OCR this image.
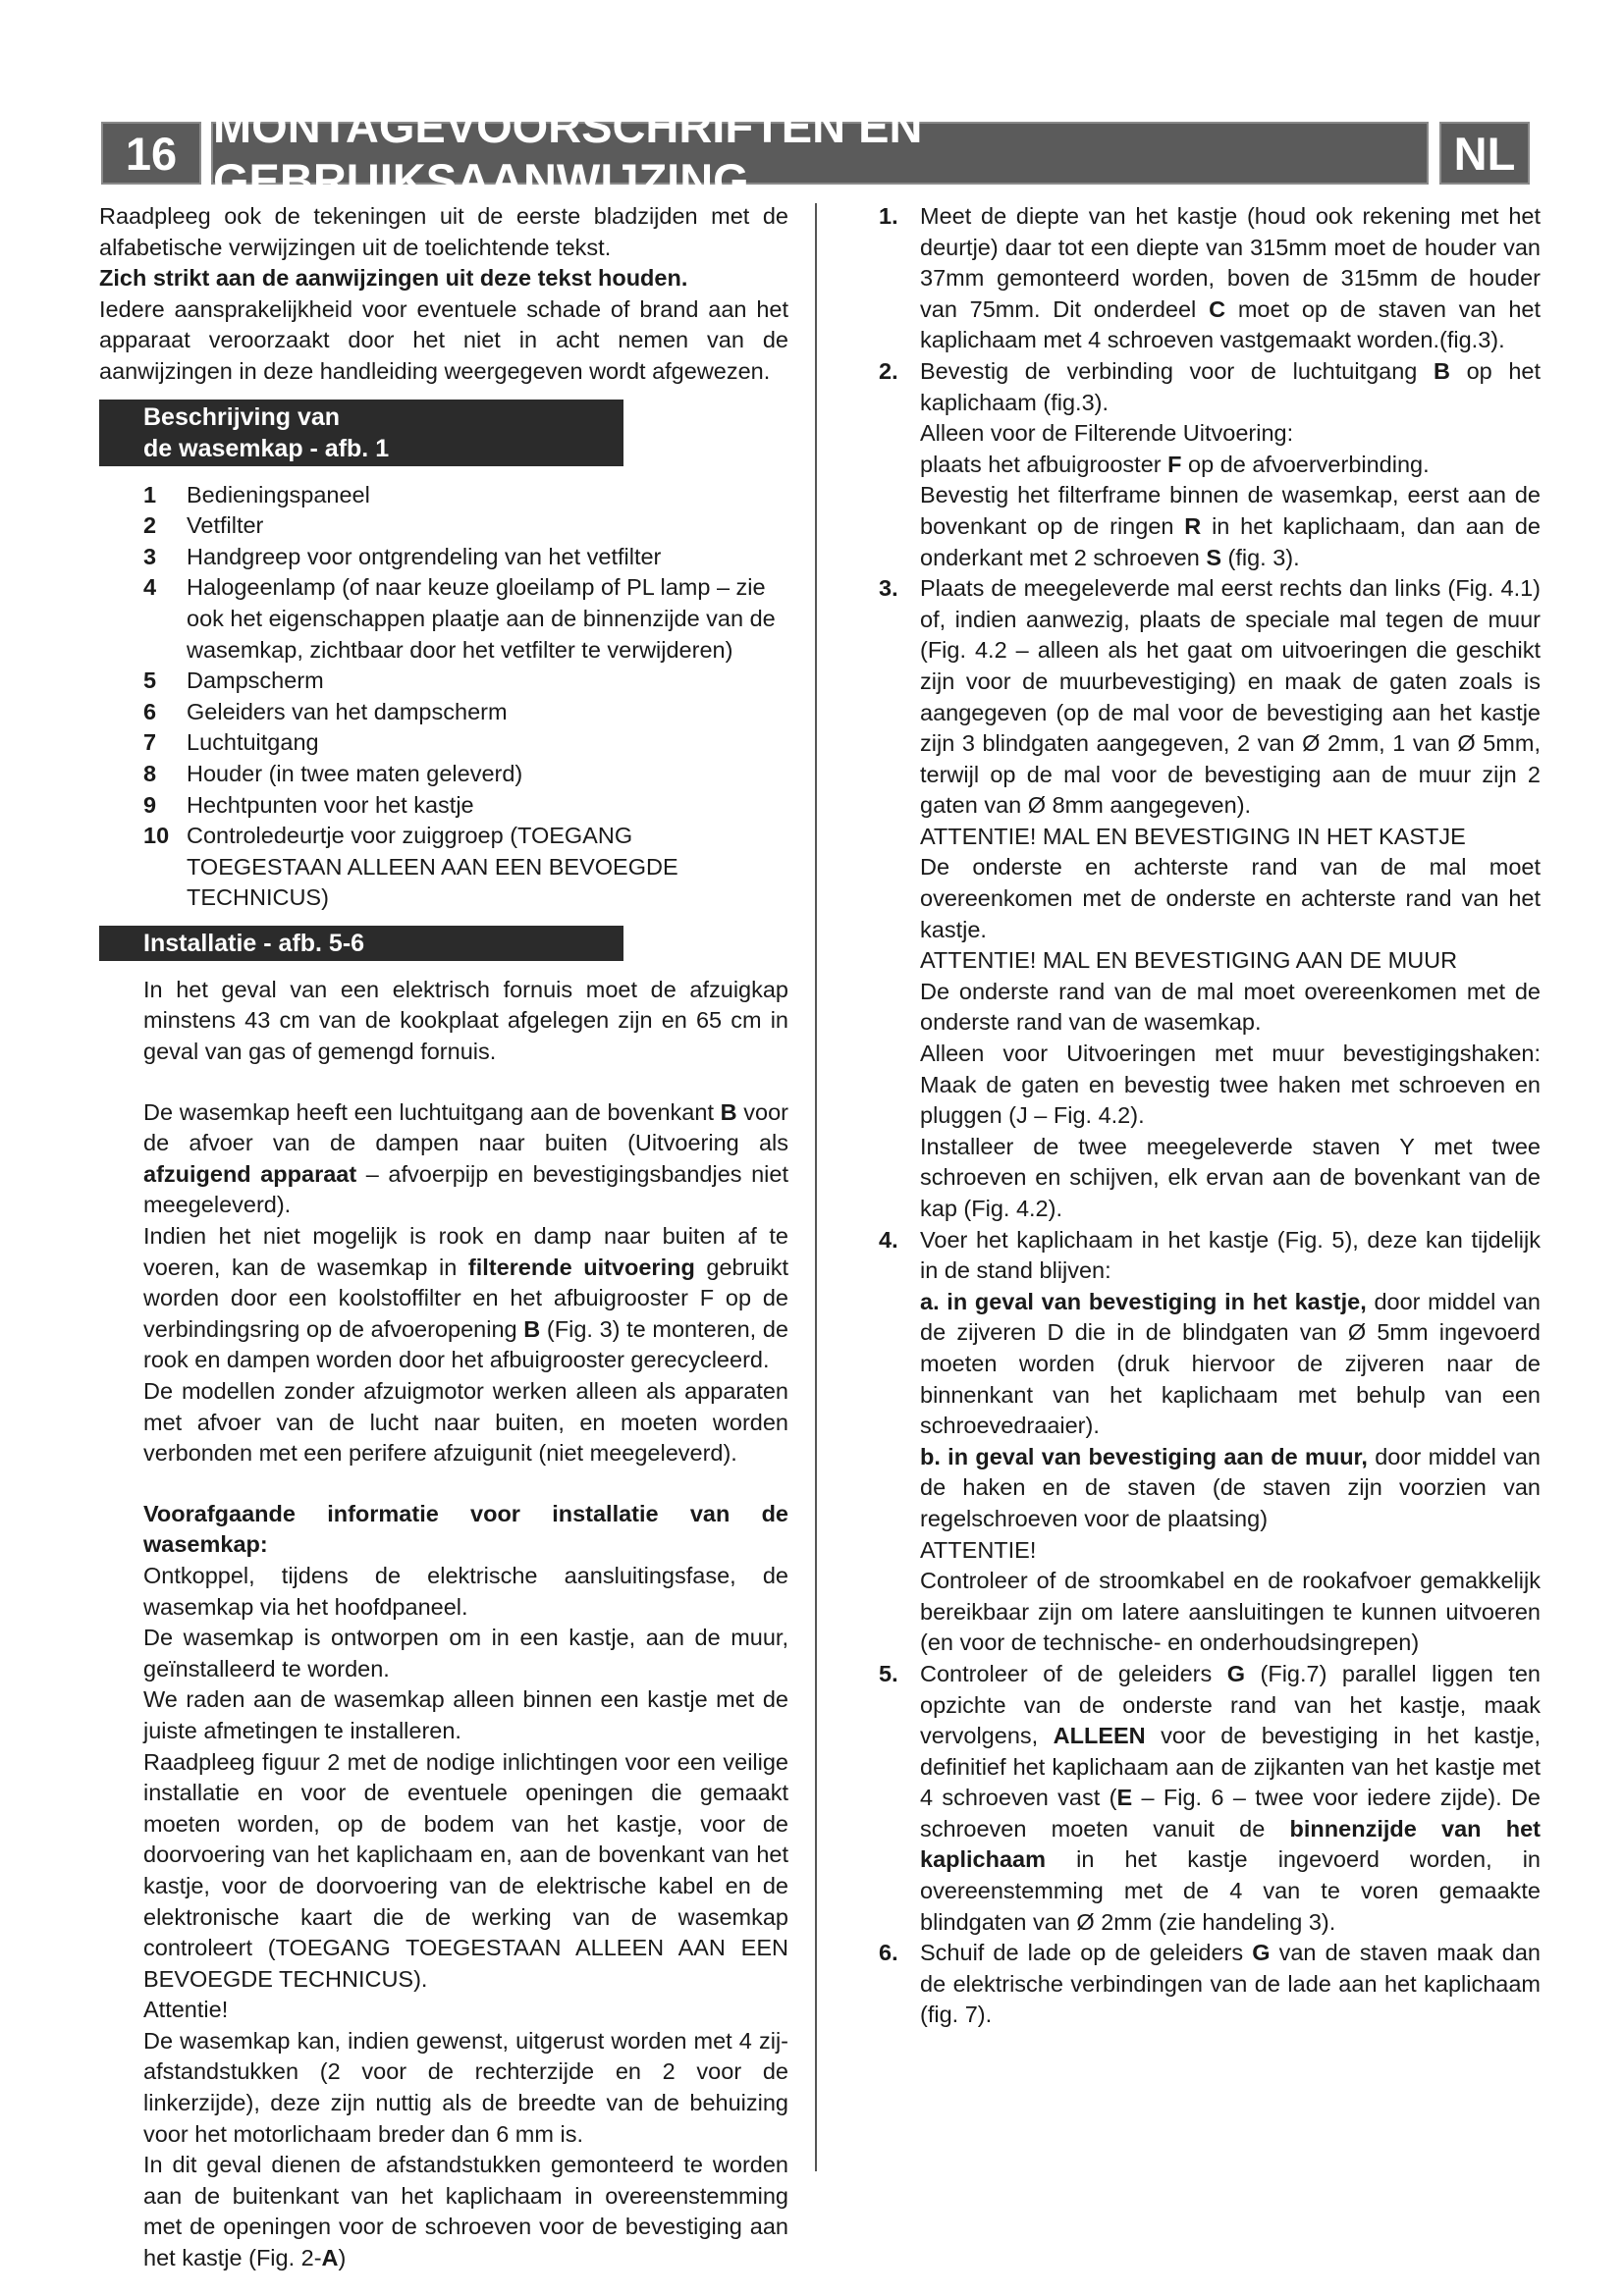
16
MONTAGEVOORSCHRIFTEN EN GEBRUIKSAANWIJZING
NL

Raadpleeg ook de tekeningen uit de eerste bladzijden met de alfabetische verwijzingen uit de toelichtende tekst.

Zich strikt aan de aanwijzingen uit deze tekst houden.

Iedere aansprakelijkheid voor eventuele schade of brand aan het apparaat veroorzaakt door het niet in acht nemen van de aanwijzingen in deze handleiding weergegeven wordt afgewezen.

Beschrijving van
de wasemkap - afb. 1
1	Bedieningspaneel
2	Vetfilter
3	Handgreep voor ontgrendeling van het vetfilter
4	Halogeenlamp (of naar keuze gloeilamp of PL lamp – zie ook het eigenschappen plaatje aan de binnenzijde van de wasemkap, zichtbaar door het vetfilter te verwijderen)
5	Dampscherm
6	Geleiders van het dampscherm
7	Luchtuitgang
8	Houder (in twee maten geleverd)
9	Hechtpunten voor het kastje
10 Controledeurtje voor zuiggroep (TOEGANG TOEGESTAAN ALLEEN AAN EEN BEVOEGDE TECHNICUS)
Installatie - afb. 5-6

In het geval van een elektrisch fornuis moet de afzuigkap minstens 43 cm van de kookplaat afgelegen zijn en 65 cm in geval van gas of gemengd fornuis.

De wasemkap heeft een luchtuitgang aan de bovenkant B voor de afvoer van de dampen naar buiten (Uitvoering als afzuigend apparaat – afvoerpijp en bevestigingsbandjes niet meegeleverd).

Indien het niet mogelijk is rook en damp naar buiten af te voeren, kan de wasemkap in filterende uitvoering gebruikt worden door een koolstoffilter en het afbuigrooster F op de verbindingsring op de afvoeropening B (Fig. 3) te monteren, de rook en dampen worden door het afbuigrooster gerecycleerd.

De modellen zonder afzuigmotor werken alleen als apparaten met afvoer van de lucht naar buiten, en moeten worden verbonden met een perifere afzuigunit (niet meegeleverd).

Voorafgaande informatie voor installatie van de wasemkap:

Ontkoppel, tijdens de elektrische aansluitingsfase, de wasemkap via het hoofdpaneel.

De wasemkap is ontworpen om in een kastje, aan de muur, geïnstalleerd te worden.

We raden aan de wasemkap alleen binnen een kastje met de juiste afmetingen te installeren.

Raadpleeg figuur 2 met de nodige inlichtingen voor een veilige installatie en voor de eventuele openingen die gemaakt moeten worden, op de bodem van het kastje, voor de doorvoering van het kaplichaam en, aan de bovenkant van het kastje, voor de doorvoering van de elektrische kabel en de elektronische kaart die de werking van de wasemkap controleert (TOEGANG TOEGESTAAN ALLEEN AAN EEN BEVOEGDE TECHNICUS).

Attentie!

De wasemkap kan, indien gewenst, uitgerust worden met 4 zij- afstandstukken (2 voor de rechterzijde en 2 voor de linkerzijde), deze zijn nuttig als de breedte van de behuizing voor het motorlichaam breder dan 6 mm is.

In dit geval dienen de afstandstukken gemonteerd te worden aan de buitenkant van het kaplichaam in overeenstemming met de openingen voor de schroeven voor de bevestiging aan het kastje (Fig. 2-A)

1. Meet de diepte van het kastje (houd ook rekening met het deurtje) daar tot een diepte van 315mm moet de houder van 37mm gemonteerd worden, boven de 315mm de houder van 75mm. Dit onderdeel C moet op de staven van het kaplichaam met 4 schroeven vastgemaakt worden.(fig.3).

2. Bevestig de verbinding voor de luchtuitgang B op het kaplichaam (fig.3).

Alleen voor de Filterende Uitvoering:

plaats het afbuigrooster F op de afvoerverbinding.

Bevestig het filterframe binnen de wasemkap, eerst aan de bovenkant op de ringen R in het kaplichaam, dan aan de onderkant met 2 schroeven S (fig. 3).

3. Plaats de meegeleverde mal eerst rechts dan links (Fig. 4.1) of, indien aanwezig, plaats de speciale mal tegen de muur (Fig. 4.2 – alleen als het gaat om uitvoeringen die geschikt zijn voor de muurbevestiging) en maak de gaten zoals is aangegeven (op de mal voor de bevestiging aan het kastje zijn 3 blindgaten aangegeven, 2 van Ø 2mm, 1 van Ø 5mm, terwijl op de mal voor de bevestiging aan de muur zijn 2 gaten van Ø 8mm aangegeven).

ATTENTIE! MAL EN BEVESTIGING IN HET KASTJE

De onderste en achterste rand van de mal moet overeenkomen met de onderste en achterste rand van het kastje.

ATTENTIE! MAL EN BEVESTIGING AAN DE MUUR

De onderste rand van de mal moet overeenkomen met de onderste rand van de wasemkap.

Alleen voor Uitvoeringen met muur bevestigingshaken: Maak de gaten en bevestig twee haken met schroeven en pluggen (J – Fig. 4.2).

Installeer de twee meegeleverde staven Y met twee schroeven en schijven, elk ervan aan de bovenkant van de kap (Fig. 4.2).

4. Voer het kaplichaam in het kastje (Fig. 5), deze kan tijdelijk in de stand blijven:

a. in geval van bevestiging in het kastje, door middel van de zijveren D die in de blindgaten van Ø 5mm ingevoerd moeten worden (druk hiervoor de zijveren naar de binnenkant van het kaplichaam met behulp van een schroevedraaier).

b. in geval van bevestiging aan de muur, door middel van de haken en de staven (de staven zijn voorzien van regelschroeven voor de plaatsing)

ATTENTIE!

Controleer of de stroomkabel en de rookafvoer gemakkelijk bereikbaar zijn om latere aansluitingen te kunnen uitvoeren (en voor de technische- en onderhoudsingrepen)

5. Controleer of de geleiders G (Fig.7) parallel liggen ten opzichte van de onderste rand van het kastje, maak vervolgens, ALLEEN voor de bevestiging in het kastje, definitief het kaplichaam aan de zijkanten van het kastje met 4 schroeven vast (E – Fig. 6 – twee voor iedere zijde). De schroeven moeten vanuit de binnenzijde van het kaplichaam in het kastje ingevoerd worden, in overeenstemming met de 4 van te voren gemaakte blindgaten van Ø 2mm (zie handeling 3).

6. Schuif de lade op de geleiders G van de staven maak dan de elektrische verbindingen van de lade aan het kaplichaam (fig. 7).
